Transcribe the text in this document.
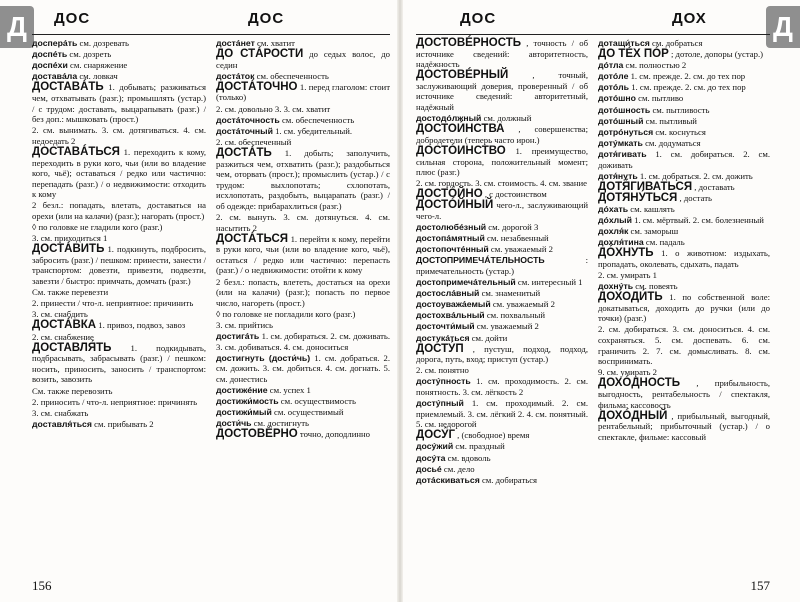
Д	ДОС	ДОС

досперáть см. дозревать

доспéть см. дозреть

доспéхи см. снаряжение

доставáла см. ловкач

ДОСТАВÁТЬ 1. добывать; разживаться чем, отхватывать (разг.); промышлять (устар.) / с трудом: доставать, выцарапывать (разг.) / без доп.: мышковать (прост.)

2. см. вынимать. 3. см. дотягиваться. 4. см. недоедать 2

ДОСТАВÁТЬСЯ 1. переходить к кому, переходить в руки кого, чьи (или во владение кого, чьё); оставаться / редко или частично: перепадать (разг.) / о недвижимости: отходить к кому

2 безл.: попадать, влетать, доставаться на орехи (или на калачи) (разг.); нагорать (прост.)

◊ по головке не гладили кого (разг.)

3. см. приходиться 1

ДОСТÁВИТЬ 1. подкинуть, подбросить, забросить (разг.) / пешком: принести, занести / транспортом: довезти, привезти, подвезти, завезти / быстро: примчать, домчать (разг.)

См. также перевезти

2. принести / что-л. неприятное: причинить

3. см. снабдить

ДОСТÁВКА 1. привоз, подвоз, завоз

2. см. снабжение

ДОСТАВЛЯ́ТЬ 1. подкидывать, подбрасывать, забрасывать (разг.) / пешком: носить, приносить, заносить / транспортом: возить, завозить

См. также перевозить

2. приносить / что-л. неприятное: причинять

3. см. снабжать

доставля́ться см. прибывать 2

достáнет см. хватит

ДО СТÁРОСТИ до седых волос, до седин

достáток см. обеспеченность

ДОСТÁТОЧНО 1. перед глаголом: стоит (только)

2. см. довольно 3. 3. см. хватит

достáточность см. обеспеченность

достáточный 1. см. убедительный.

2. см. обеспеченный

ДОСТÁТЬ 1. добыть; заполучить, разжиться чем, отхватить (разг.); раздобыться чем, оторвать (прост.); промыслить (устар.) / с трудом: выхлопотать; схлопотать, исхлопотать, раздобыть, выцарапать (разг.) / об одежде: прибарахлиться (разг.)

2. см. вынуть. 3. см. дотянуться. 4. см. насытить 2

ДОСТÁТЬСЯ 1. перейти к кому, перейти в руки кого, чьи (или во владение кого, чьё), остаться / редко или частично: перепасть (разг.) / о недвижимости: отойти к кому

2 безл.: попасть, влететь, достаться на орехи (или на калачи) (разг.); попасть по первое число, нагореть (прост.)

◊ по головке не погладили кого (разг.)

3. см. прийтись

достигáть 1. см. добираться. 2. см. доживать. 3. см. добиваться. 4. см. доноситься

достигнуть (дости́чь) 1. см. добраться. 2. см. дожить. 3. см. добиться. 4. см. догнать. 5. см. донестись

достижéние см. успех 1

достижи́мость см. осуществимость

достижи́мый см. осуществимый

дости́чь см. достигнуть

ДОСТОВÉРНО точно, доподлинно

156
Д
ДОС	ДОХ

ДОСТОВÉРНОСТЬ , точность / об источнике сведений: авторитетность, надёжность

ДОСТОВÉРНЫЙ	, точный, заслуживающий доверия, проверенный / об источнике сведений: авторитетный, надёжный

достодóлжный см. должный

ДОСТОИ́НСТВА , совершенства; добродетели (теперь часто ирон.)

ДОСТÓИНСТВО 1. преимущество, сильная сторона, положительный момент; плюс (разг.)

2. см. гордость. 3. см. стоимость. 4. см. звание

ДОСТÓЙНО , с достоинством

ДОСТÓЙНЫЙ чего-л., заслуживающий чего-л.

достолюбéзный см. дорогой 3

достопáмятный см. незабвенный

достопочтéнный см. уважаемый 2

ДОСТОПРИМЕЧÁТЕЛЬНОСТЬ	: примечательность (устар.)

достопримечáтельный см. интересный 1

достослáвный см. знаменитый

достоуважáемый см. уважаемый 2

достохвáльный см. похвальный

досточти́мый см. уважаемый 2

достукáться см. дойти

ДОСТУ́П , пустуш, подход, подход, дорога, путь, вход; приступ (устар.)

2. см. понятно

достýпность 1. см. проходимость. 2. см. понятность. 3. см. лёгкость 2

достýпный 1. см. проходимый. 2. см. приемлемый. 3. см. лёгкий 2. 4. см. понятный. 5. см. недорогой

ДОСУ́Г , (свободное) время

досýжий см. праздный

досýта см. вдоволь

досьé см. дело

дотáскиваться см. добираться

дотащи́ться см. добраться

ДО ТÉХ ПÓР ; дотоле, допоры (устар.)

дóтла см. полностью 2

дотóле 1. см. прежде. 2. см. до тех пор

дотóль 1. см. прежде. 2. см. до тех пор

дотóшно см. пытливо

дотóшность см. пытливость

дотóшный см. пытливый

дотрóнуться см. коснуться

дотýмкать см. додуматься

дотя́гивать 1. см. добираться. 2. см. доживать

дотя́нуть 1. см. добраться. 2. см. дожить

ДОТЯ́ГИВАТЬСЯ , доставать

ДОТЯНУ́ТЬСЯ , достать

дóхать см. кашлять

дóхлый 1. см. мёртвый. 2. см. болезненный

дохля́к см. заморыш

дохля́тина см. падаль

ДО́ХНУТЬ 1. о животном: издыхать, пропадать, околевать, сдыхать, падать

2. см. умирать 1

дохнýть см. повеять

ДОХОДИ́ТЬ 1. по собственной воле: докатываться, доходить до ручки (или до точки) (разг.)

2. см. добираться. 3. см. доноситься. 4. см. сохраняться. 5. см. доспевать. 6. см. граничить 2. 7. см. домысливать. 8. см. воспринимать.

9. см. умирать 2

ДОХÓДНОСТЬ , прибыльность, выгодность, рентабельность / спектакля, фильма: кассовость

ДОХÓДНЫЙ , прибыльный, выгодный, рентабельный; прибыточный (устар.) / о спектакле, фильме: кассовый

157
